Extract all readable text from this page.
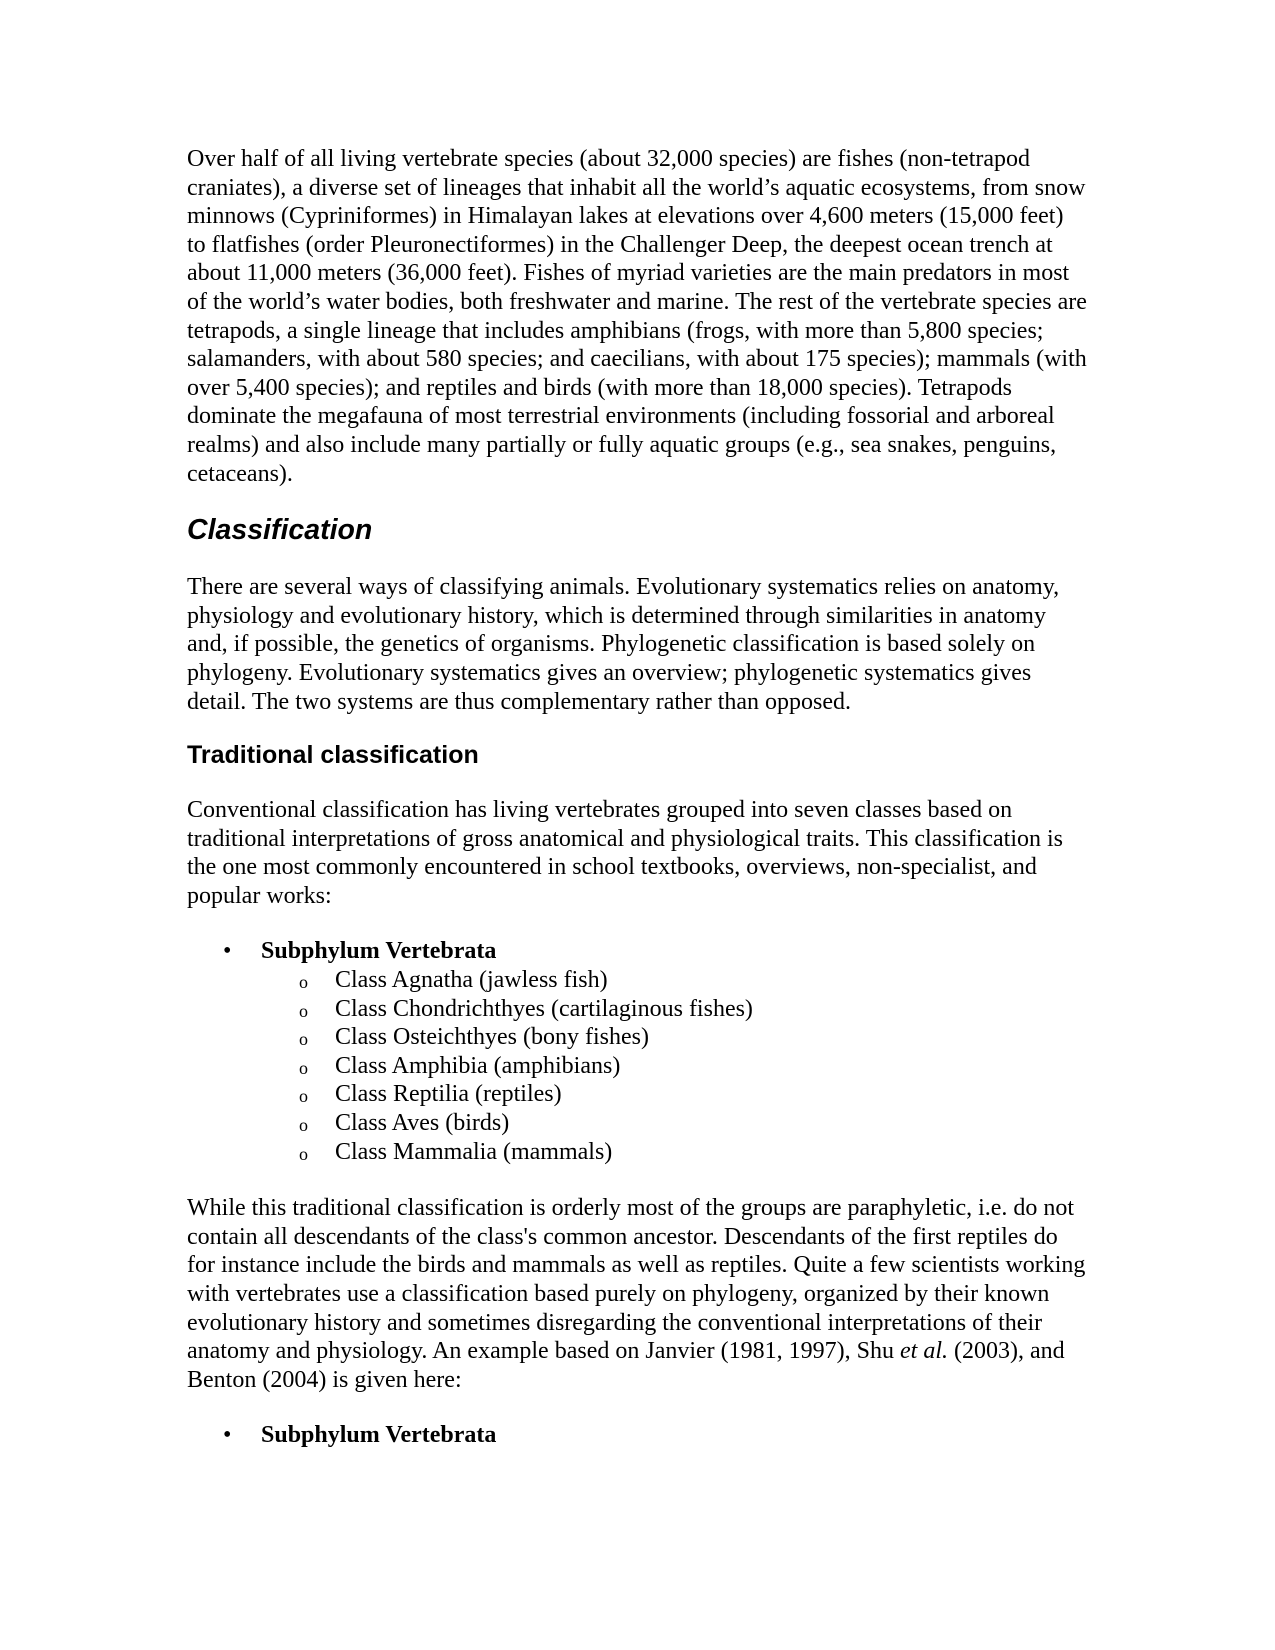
Over half of all living vertebrate species (about 32,000 species) are fishes (non-tetrapod craniates), a diverse set of lineages that inhabit all the world’s aquatic ecosystems, from snow minnows (Cypriniformes) in Himalayan lakes at elevations over 4,600 meters (15,000 feet) to flatfishes (order Pleuronectiformes) in the Challenger Deep, the deepest ocean trench at about 11,000 meters (36,000 feet). Fishes of myriad varieties are the main predators in most of the world’s water bodies, both freshwater and marine. The rest of the vertebrate species are tetrapods, a single lineage that includes amphibians (frogs, with more than 5,800 species; salamanders, with about 580 species; and caecilians, with about 175 species); mammals (with over 5,400 species); and reptiles and birds (with more than 18,000 species). Tetrapods dominate the megafauna of most terrestrial environments (including fossorial and arboreal realms) and also include many partially or fully aquatic groups (e.g., sea snakes, penguins, cetaceans).

Classification

There are several ways of classifying animals. Evolutionary systematics relies on anatomy, physiology and evolutionary history, which is determined through similarities in anatomy and, if possible, the genetics of organisms. Phylogenetic classification is based solely on phylogeny. Evolutionary systematics gives an overview; phylogenetic systematics gives detail. The two systems are thus complementary rather than opposed.

Traditional classification

Conventional classification has living vertebrates grouped into seven classes based on traditional interpretations of gross anatomical and physiological traits. This classification is the one most commonly encountered in school textbooks, overviews, non-specialist, and popular works:

• Subphylum Vertebrata
o Class Agnatha (jawless fish)
o Class Chondrichthyes (cartilaginous fishes)
o Class Osteichthyes (bony fishes)
o Class Amphibia (amphibians)
o Class Reptilia (reptiles)
o Class Aves (birds)
o Class Mammalia (mammals)

While this traditional classification is orderly most of the groups are paraphyletic, i.e. do not contain all descendants of the class's common ancestor. Descendants of the first reptiles do for instance include the birds and mammals as well as reptiles. Quite a few scientists working with vertebrates use a classification based purely on phylogeny, organized by their known evolutionary history and sometimes disregarding the conventional interpretations of their anatomy and physiology. An example based on Janvier (1981, 1997), Shu et al. (2003), and Benton (2004) is given here:

• Subphylum Vertebrata
